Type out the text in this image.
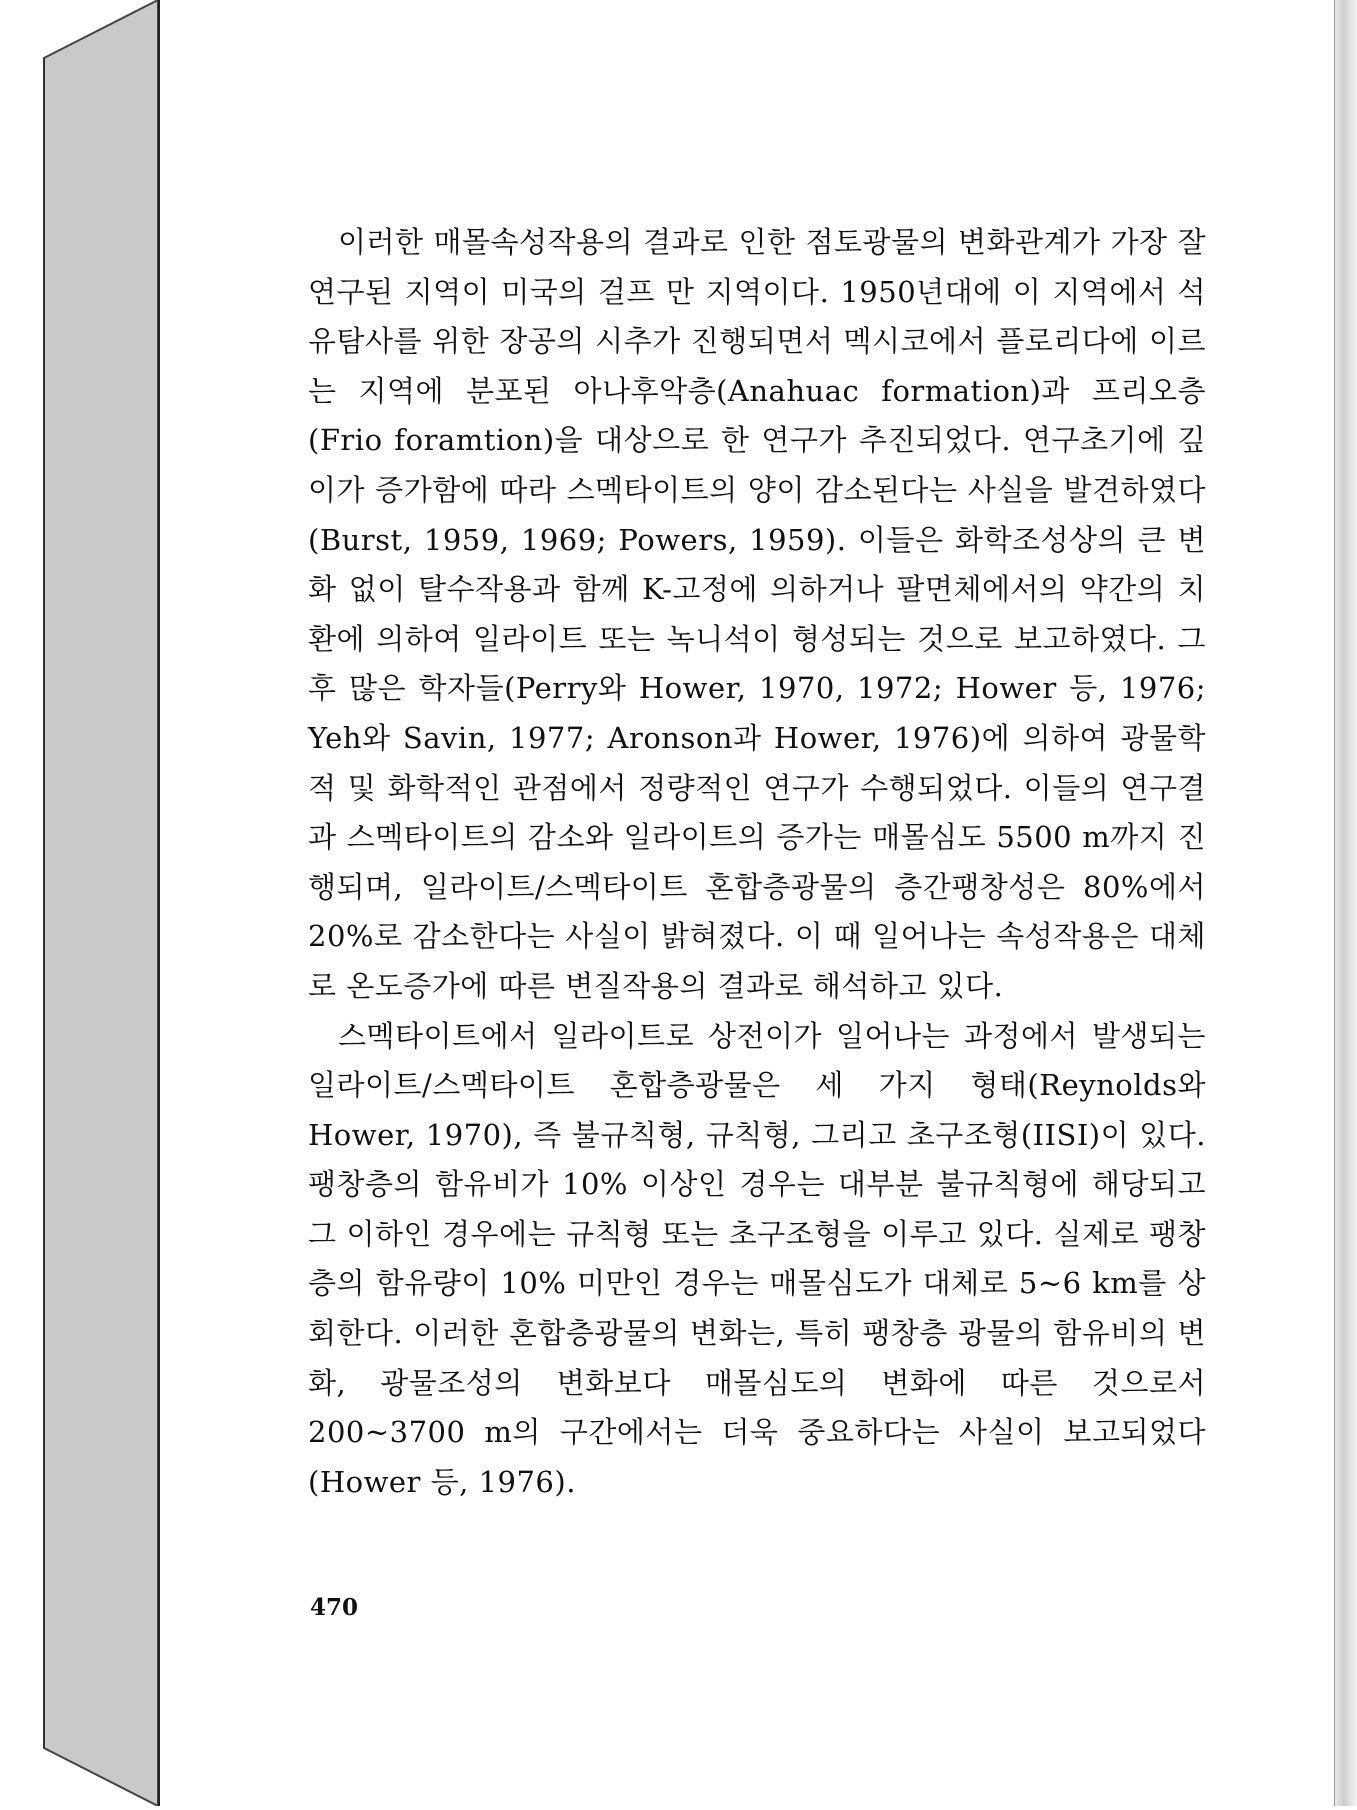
이러한 매몰속성작용의 결과로 인한 점토광물의 변화관계가 가장 잘 연구된 지역이 미국의 걸프 만 지역이다. 1950년대에 이 지역에서 석유탐사를 위한 장공의 시추가 진행되면서 멕시코에서 플로리다에 이르는 지역에 분포된 아나후악층(Anahuac formation)과 프리오층(Frio foramtion)을 대상으로 한 연구가 추진되었다. 연구초기에 깊이가 증가함에 따라 스멕타이트의 양이 감소된다는 사실을 발견하였다(Burst, 1959, 1969; Powers, 1959). 이들은 화학조성상의 큰 변화 없이 탈수작용과 함께 K-고정에 의하거나 팔면체에서의 약간의 치환에 의하여 일라이트 또는 녹니석이 형성되는 것으로 보고하였다. 그 후 많은 학자들(Perry와 Hower, 1970, 1972; Hower 등, 1976; Yeh와 Savin, 1977; Aronson과 Hower, 1976)에 의하여 광물학적 및 화학적인 관점에서 정량적인 연구가 수행되었다. 이들의 연구결과 스멕타이트의 감소와 일라이트의 증가는 매몰심도 5500 m까지 진행되며, 일라이트/스멕타이트 혼합층광물의 층간팽창성은 80%에서 20%로 감소한다는 사실이 밝혀졌다. 이 때 일어나는 속성작용은 대체로 온도증가에 따른 변질작용의 결과로 해석하고 있다.

스멕타이트에서 일라이트로 상전이가 일어나는 과정에서 발생되는 일라이트/스멕타이트 혼합층광물은 세 가지 형태(Reynolds와 Hower, 1970), 즉 불규칙형, 규칙형, 그리고 초구조형(IISI)이 있다. 팽창층의 함유비가 10% 이상인 경우는 대부분 불규칙형에 해당되고 그 이하인 경우에는 규칙형 또는 초구조형을 이루고 있다. 실제로 팽창층의 함유량이 10% 미만인 경우는 매몰심도가 대체로 5~6 km를 상회한다. 이러한 혼합층광물의 변화는, 특히 팽창층 광물의 함유비의 변화, 광물조성의 변화보다 매몰심도의 변화에 따른 것으로서 200~3700 m의 구간에서는 더욱 중요하다는 사실이 보고되었다(Hower 등, 1976).

470
